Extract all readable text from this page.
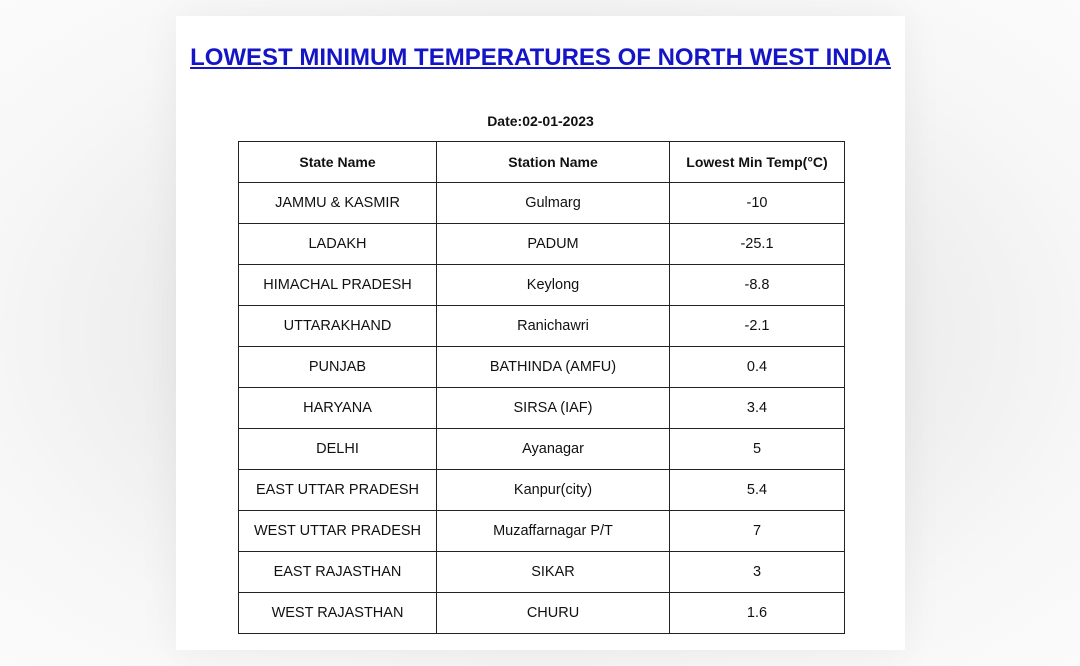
LOWEST MINIMUM TEMPERATURES OF NORTH WEST INDIA
Date:02-01-2023
State Name	Station Name	Lowest Min Temp(°C)
JAMMU & KASMIR	Gulmarg	-10
LADAKH	PADUM	-25.1
HIMACHAL PRADESH	Keylong	-8.8
UTTARAKHAND	Ranichawri	-2.1
PUNJAB	BATHINDA (AMFU)	0.4
HARYANA	SIRSA (IAF)	3.4
DELHI	Ayanagar	5
EAST UTTAR PRADESH	Kanpur(city)	5.4
WEST UTTAR PRADESH	Muzaffarnagar P/T	7
EAST RAJASTHAN	SIKAR	3
WEST RAJASTHAN	CHURU	1.6
